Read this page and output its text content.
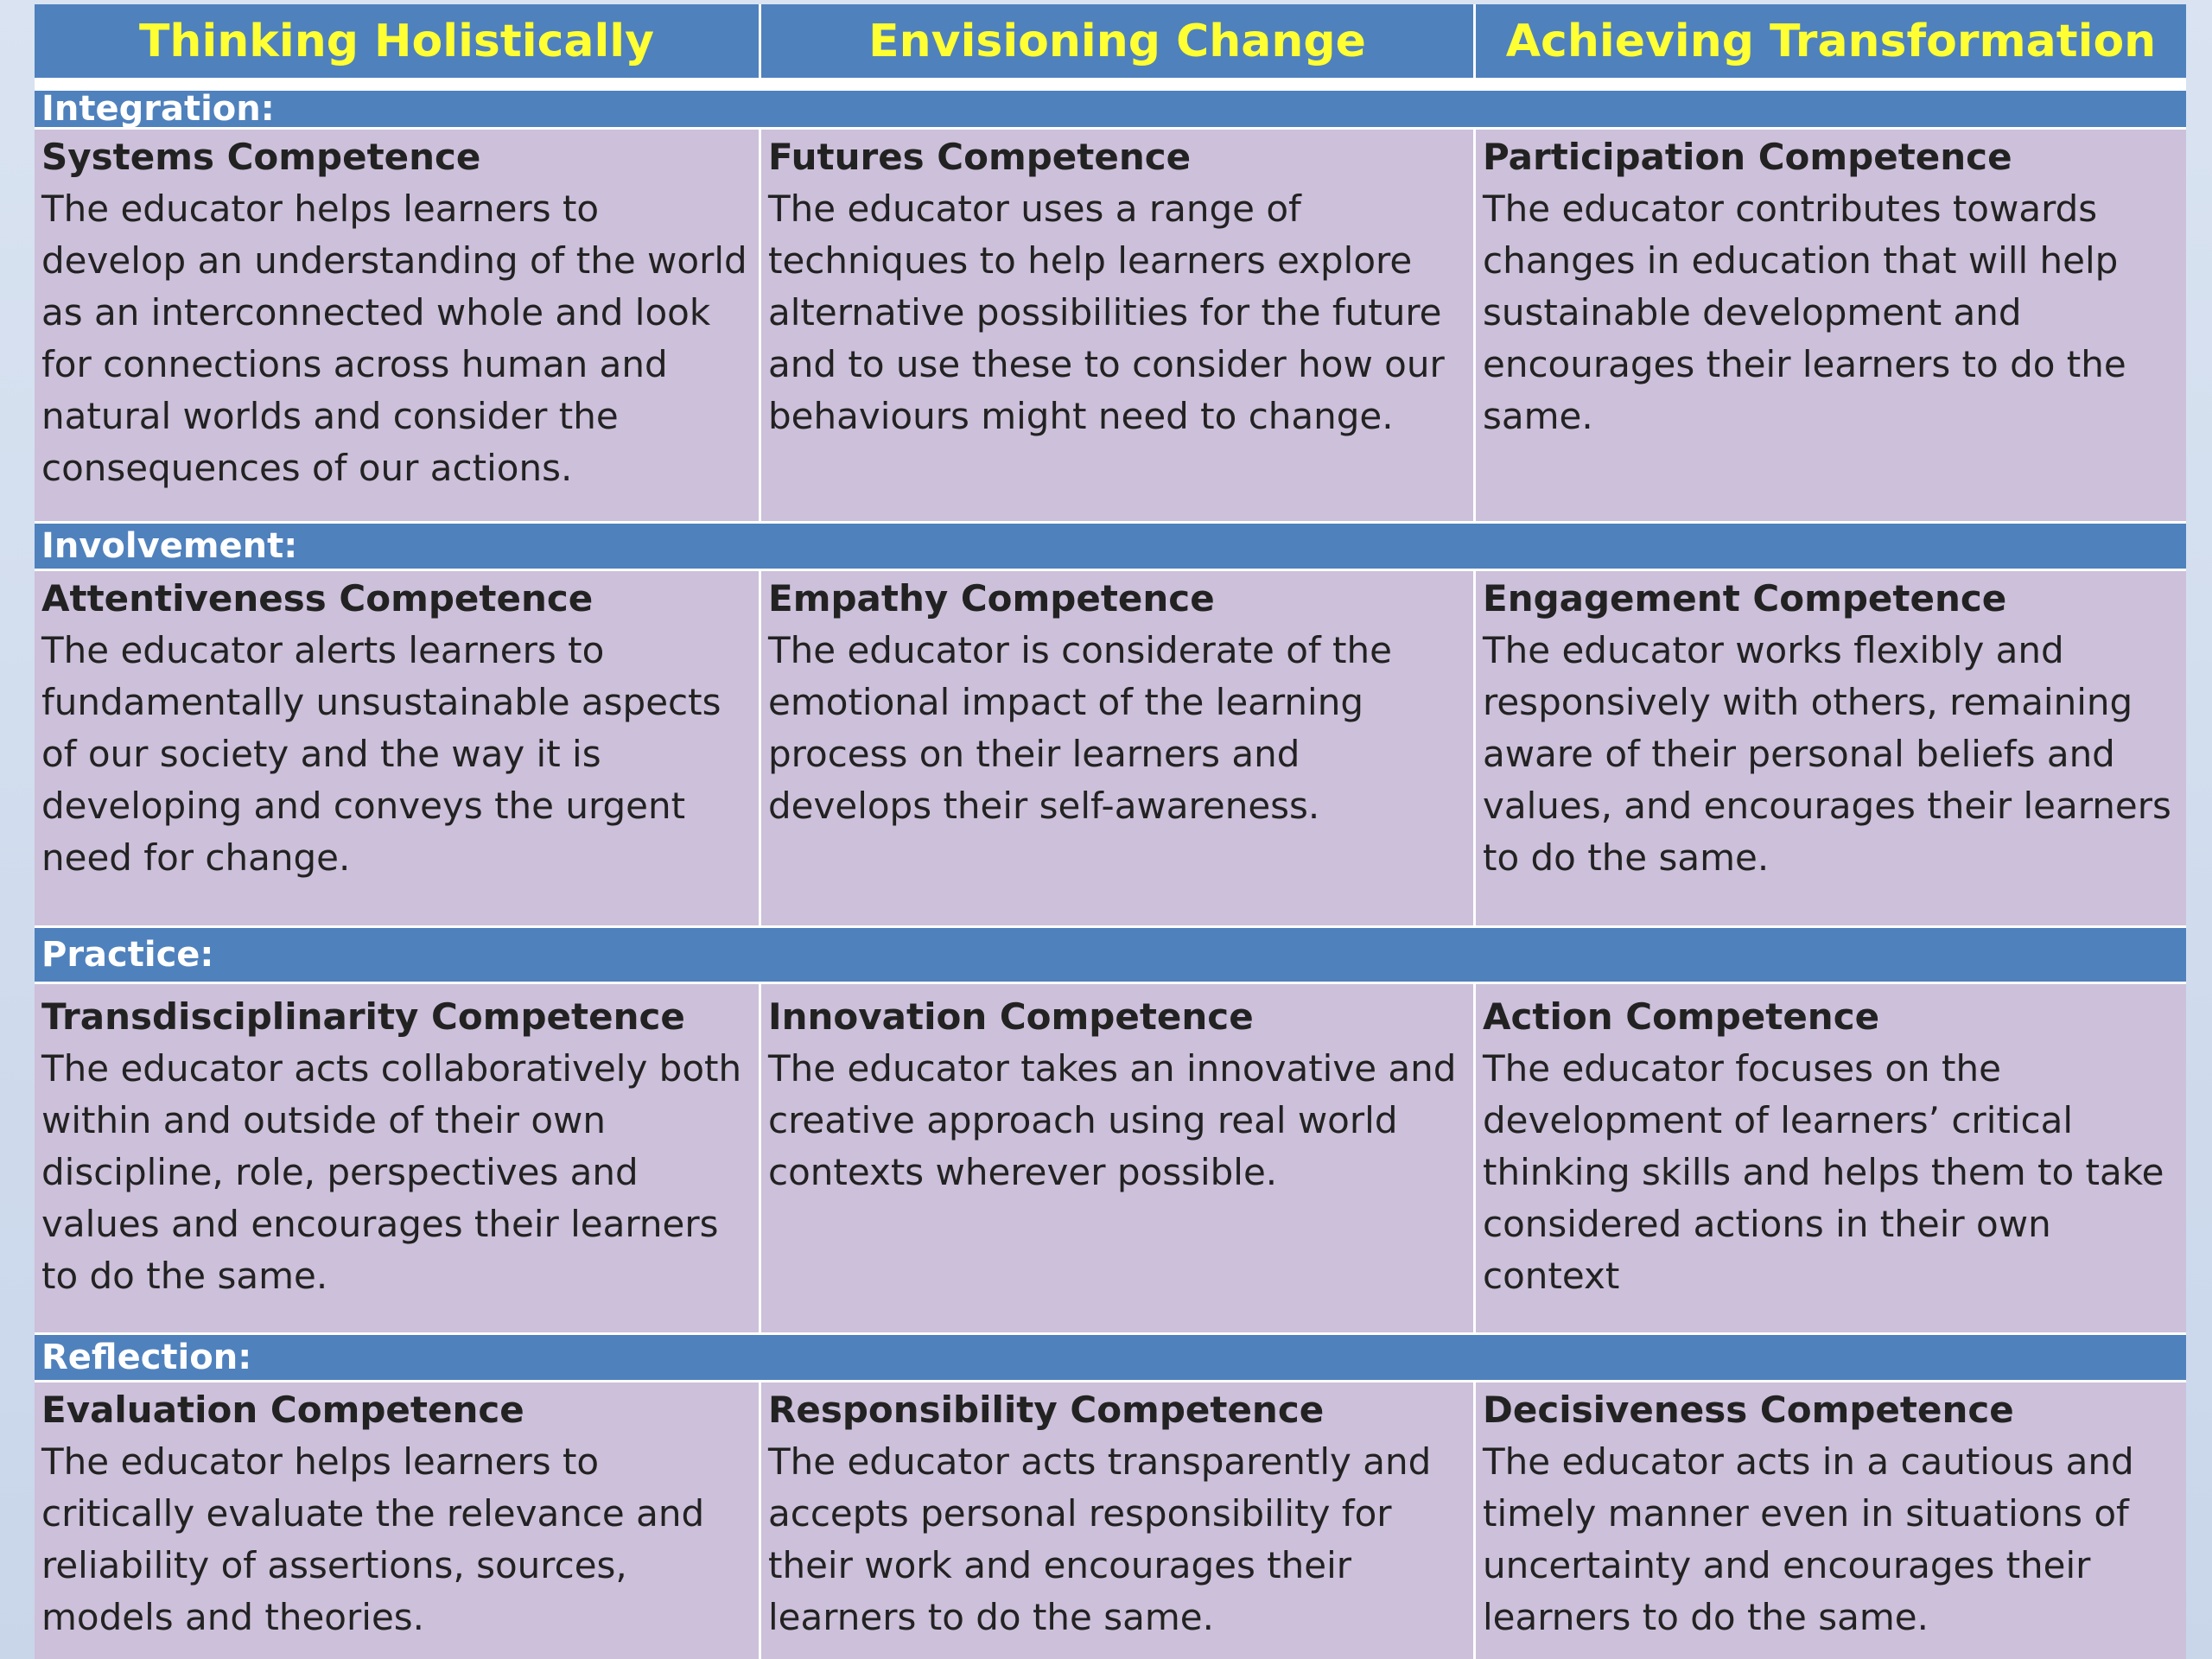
Thinking Holistically	Envisioning Change	Achieving Transformation
Integration:
Systems Competence
The educator helps learners to develop an understanding of the world as an interconnected whole and look for connections across human and natural worlds and consider the consequences of our actions.
Futures Competence
The educator uses a range of techniques to help learners explore alternative possibilities for the future and to use these to consider how our behaviours might need to change.
Participation Competence
The educator contributes towards changes in education that will help sustainable development and encourages their learners to do the same.
Involvement:
Attentiveness Competence
The educator alerts learners to fundamentally unsustainable aspects of our society and the way it is developing and conveys the urgent need for change.
Empathy Competence
The educator is considerate of the emotional impact of the learning process on their learners and develops their self-awareness.
Engagement Competence
The educator works flexibly and responsively with others, remaining aware of their personal beliefs and values, and encourages their learners to do the same.
Practice:
Transdisciplinarity Competence
The educator acts collaboratively both within and outside of their own discipline, role, perspectives and values and encourages their learners to do the same.
Innovation Competence
The educator takes an innovative and creative approach using real world contexts wherever possible.
Action Competence
The educator focuses on the development of learners’ critical thinking skills and helps them to take considered actions in their own context
Reflection:
Evaluation Competence
The educator helps learners to critically evaluate the relevance and reliability of assertions, sources, models and theories.
Responsibility Competence
The educator acts transparently and accepts personal responsibility for their work and encourages their learners to do the same.
Decisiveness Competence
The educator acts in a cautious and timely manner even in situations of uncertainty and encourages their learners to do the same.
